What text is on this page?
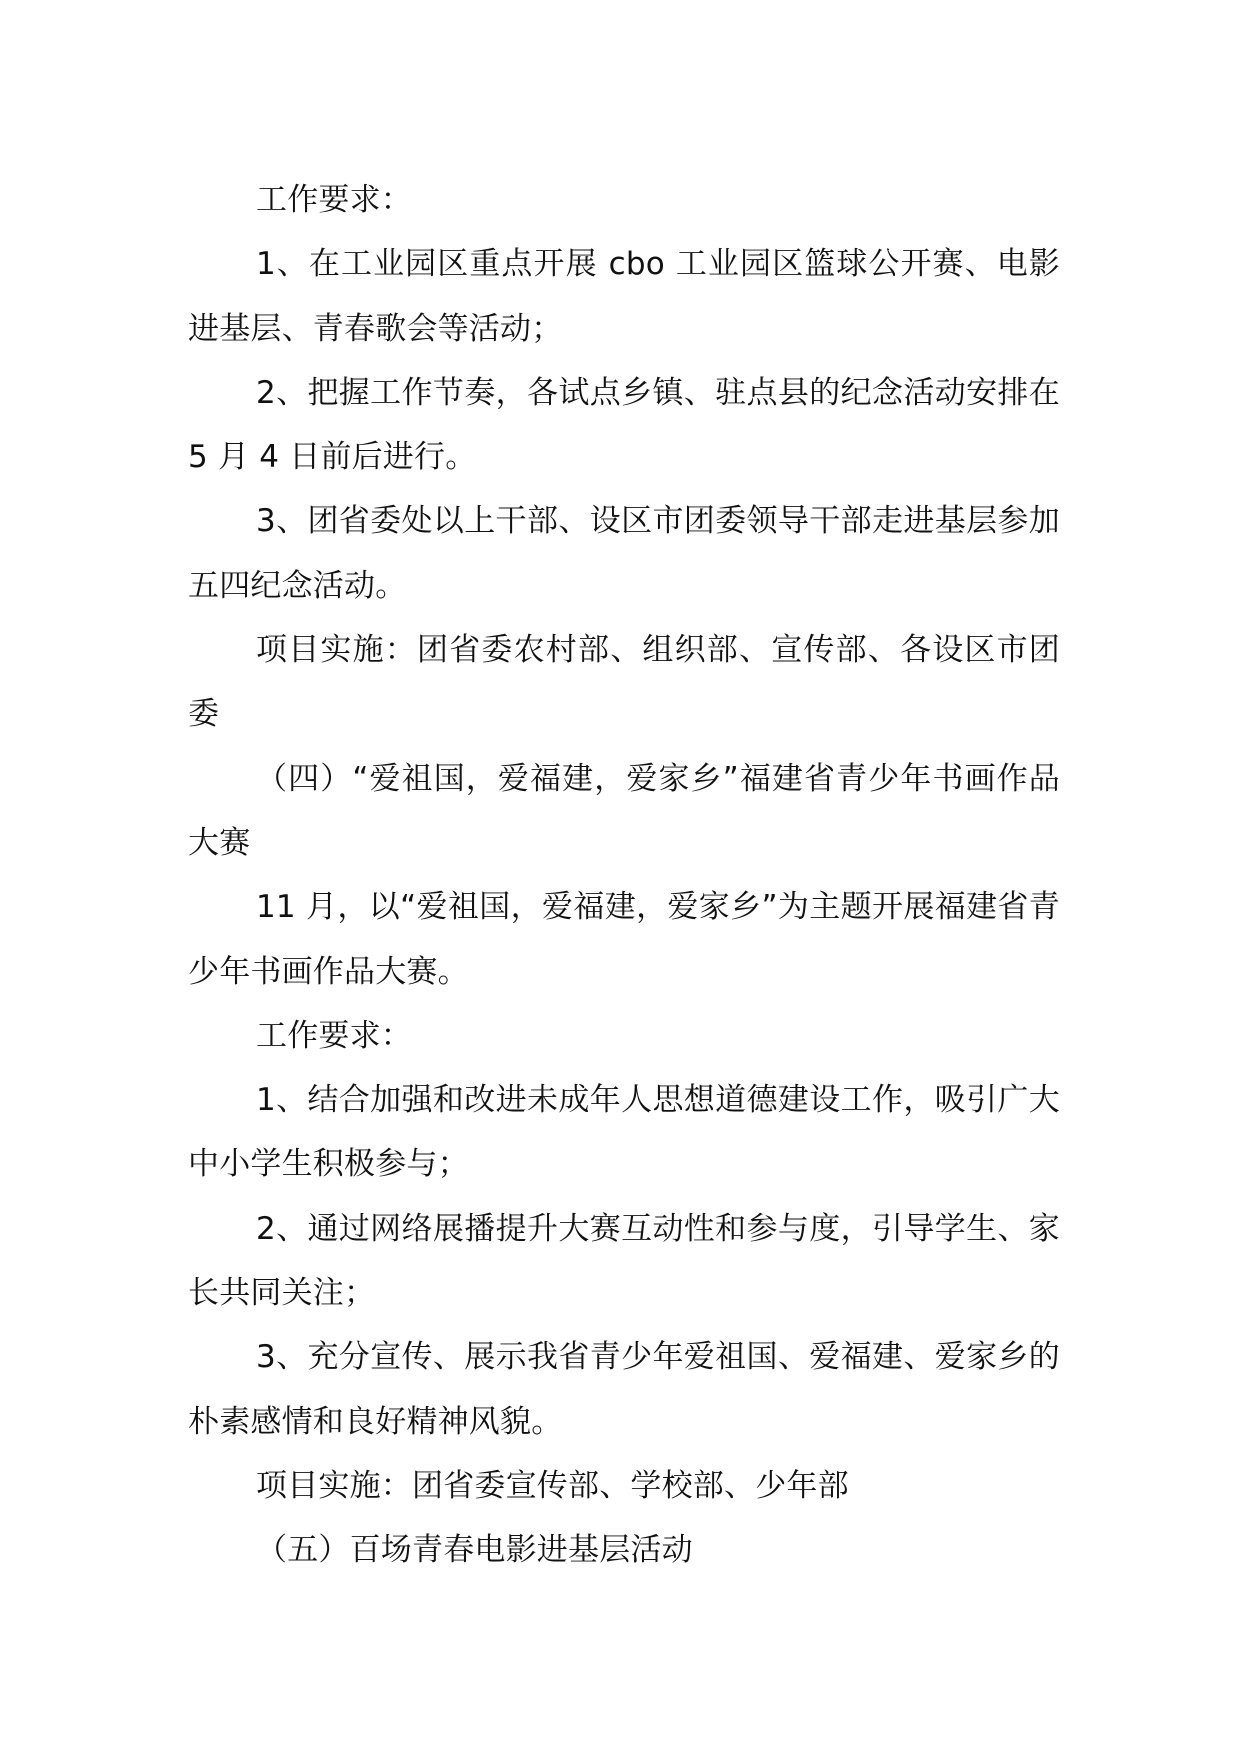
工作要求：

1、在工业园区重点开展 cbo 工业园区篮球公开赛、电影进基层、青春歌会等活动；

2、把握工作节奏，各试点乡镇、驻点县的纪念活动安排在 5 月 4 日前后进行。

3、团省委处以上干部、设区市团委领导干部走进基层参加五四纪念活动。

项目实施：团省委农村部、组织部、宣传部、各设区市团委

（四）“爱祖国，爱福建，爱家乡”福建省青少年书画作品大赛

11 月，以“爱祖国，爱福建，爱家乡”为主题开展福建省青少年书画作品大赛。

工作要求：

1、结合加强和改进未成年人思想道德建设工作，吸引广大中小学生积极参与；

2、通过网络展播提升大赛互动性和参与度，引导学生、家长共同关注；

3、充分宣传、展示我省青少年爱祖国、爱福建、爱家乡的朴素感情和良好精神风貌。

项目实施：团省委宣传部、学校部、少年部

（五）百场青春电影进基层活动
